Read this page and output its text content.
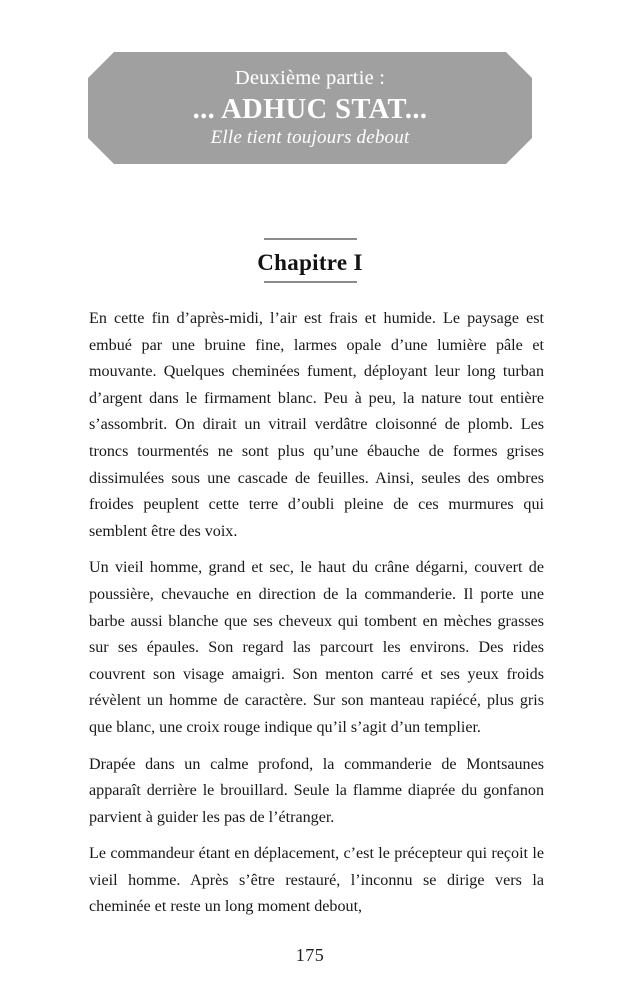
Deuxième partie :
... ADHUC STAT...
Elle tient toujours debout
Chapitre I

En cette fin d’après-midi, l’air est frais et humide. Le paysage est embué par une bruine fine, larmes opale d’une lumière pâle et mouvante. Quelques cheminées fument, déployant leur long turban d’argent dans le firmament blanc. Peu à peu, la nature tout entière s’assombrit. On dirait un vitrail verdâtre cloisonné de plomb. Les troncs tourmentés ne sont plus qu’une ébauche de formes grises dissimulées sous une cascade de feuilles. Ainsi, seules des ombres froides peuplent cette terre d’oubli pleine de ces murmures qui semblent être des voix.

Un vieil homme, grand et sec, le haut du crâne dégarni, couvert de poussière, chevauche en direction de la commanderie. Il porte une barbe aussi blanche que ses cheveux qui tombent en mèches grasses sur ses épaules. Son regard las parcourt les environs. Des rides couvrent son visage amaigri. Son menton carré et ses yeux froids révèlent un homme de caractère. Sur son manteau rapiécé, plus gris que blanc, une croix rouge indique qu’il s’agit d’un templier.

Drapée dans un calme profond, la commanderie de Montsaunes apparaît derrière le brouillard. Seule la flamme diaprée du gonfanon parvient à guider les pas de l’étranger.

Le commandeur étant en déplacement, c’est le précepteur qui reçoit le vieil homme. Après s’être restauré, l’inconnu se dirige vers la cheminée et reste un long moment debout,

175
